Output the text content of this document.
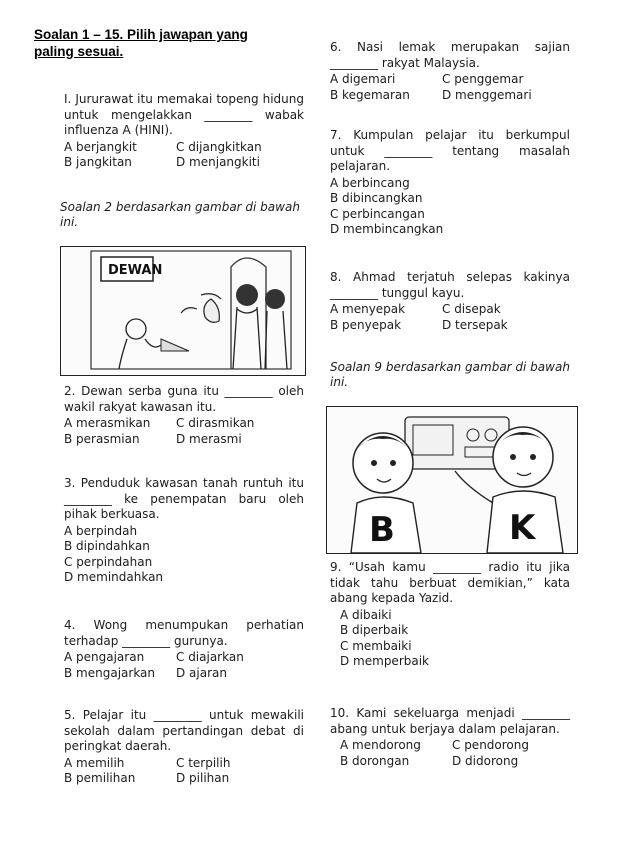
Soalan 1 – 15. Pilih jawapan yang paling sesuai.
I. Jururawat itu memakai topeng hidung untuk mengelakkan ________ wabak influenza A (HINI).
A berjangkit	C dijangkitkan
B jangkitan	D menjangkiti
Soalan 2 berdasarkan gambar di bawah ini.
DEWAN
2. Dewan serba guna itu ________ oleh wakil rakyat kawasan itu.
A merasmikan	C dirasmikan
B perasmian	D merasmi
3. Penduduk kawasan tanah runtuh itu ________ ke penempatan baru oleh pihak berkuasa.
A berpindah
B dipindahkan
C perpindahan
D memindahkan
4. Wong menumpukan perhatian terhadap ________ gurunya.
A pengajaran	C diajarkan
B mengajarkan	D ajaran
5. Pelajar itu ________ untuk mewakili sekolah dalam pertandingan debat di peringkat daerah.
A memilih	C terpilih
B pemilihan	D pilihan
6. Nasi lemak merupakan sajian ________ rakyat Malaysia.
A digemari	C penggemar
B kegemaran	D menggemari
7. Kumpulan pelajar itu berkumpul untuk ________ tentang masalah pelajaran.
A berbincang
B dibincangkan
C perbincangan
D membincangkan
8. Ahmad terjatuh selepas kakinya ________ tunggul kayu.
A menyepak	C disepak
B penyepak	D tersepak
Soalan 9 berdasarkan gambar di bawah ini.
B	K
9. “Usah kamu ________ radio itu jika tidak tahu berbuat demikian,” kata abang kepada Yazid.
A dibaiki
B diperbaik
C membaiki
D memperbaik
10. Kami sekeluarga menjadi ________ abang untuk berjaya dalam pelajaran.
A mendorong	C pendorong
B dorongan	D didorong
